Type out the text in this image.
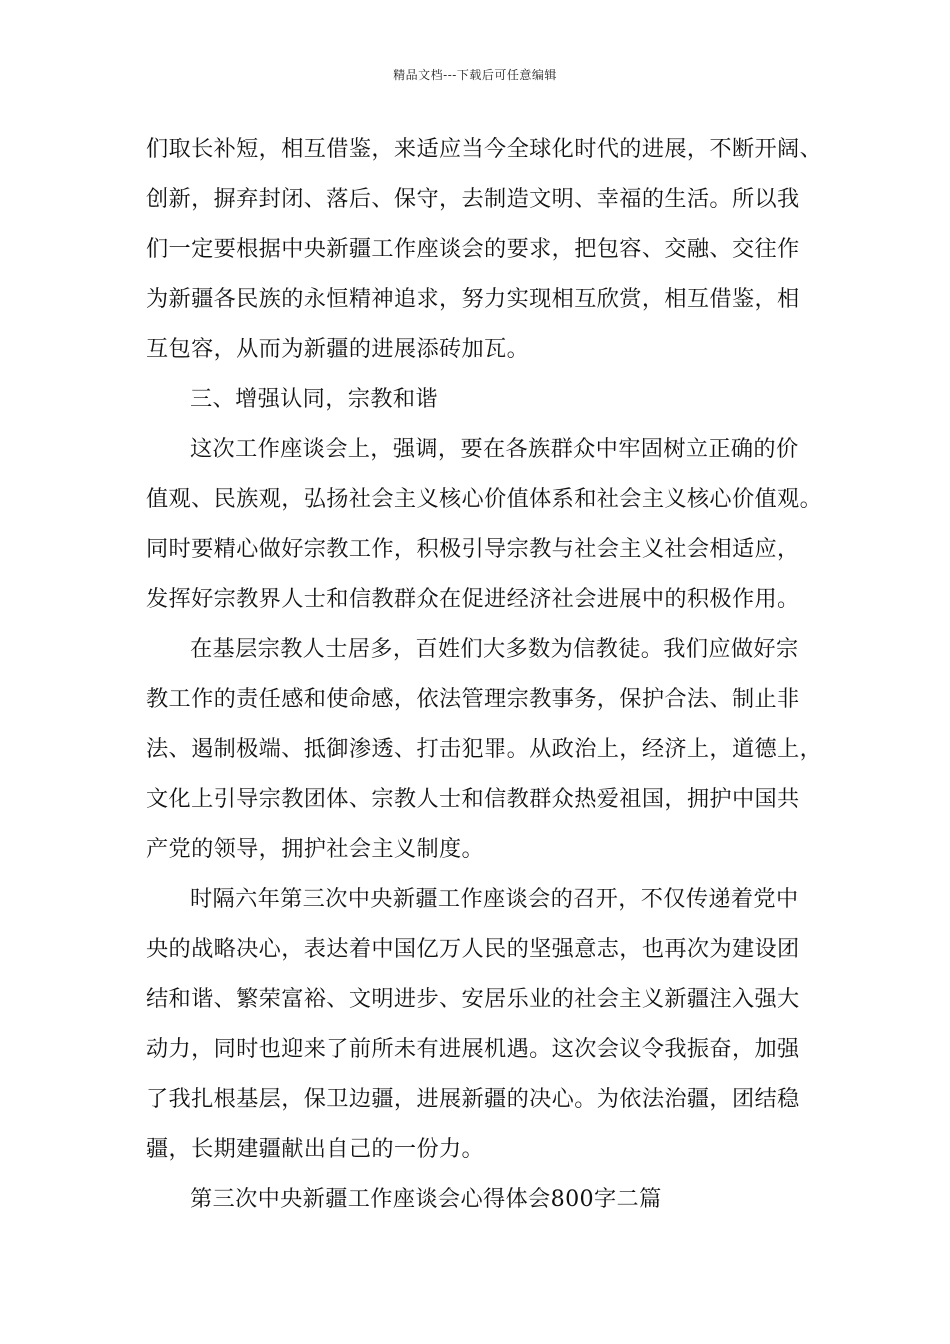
精品文档---下载后可任意编辑
们取长补短，相互借鉴，来适应当今全球化时代的进展，不断开阔、
创新，摒弃封闭、落后、保守，去制造文明、幸福的生活。所以我
们一定要根据中央新疆工作座谈会的要求，把包容、交融、交往作
为新疆各民族的永恒精神追求，努力实现相互欣赏，相互借鉴，相
互包容，从而为新疆的进展添砖加瓦。
三、增强认同，宗教和谐
这次工作座谈会上，强调，要在各族群众中牢固树立正确的价
值观、民族观，弘扬社会主义核心价值体系和社会主义核心价值观。
同时要精心做好宗教工作，积极引导宗教与社会主义社会相适应，
发挥好宗教界人士和信教群众在促进经济社会进展中的积极作用。
在基层宗教人士居多，百姓们大多数为信教徒。我们应做好宗
教工作的责任感和使命感，依法管理宗教事务，保护合法、制止非
法、遏制极端、抵御渗透、打击犯罪。从政治上，经济上，道德上，
文化上引导宗教团体、宗教人士和信教群众热爱祖国，拥护中国共
产党的领导，拥护社会主义制度。
时隔六年第三次中央新疆工作座谈会的召开，不仅传递着党中
央的战略决心，表达着中国亿万人民的坚强意志，也再次为建设团
结和谐、繁荣富裕、文明进步、安居乐业的社会主义新疆注入强大
动力，同时也迎来了前所未有进展机遇。这次会议令我振奋，加强
了我扎根基层，保卫边疆，进展新疆的决心。为依法治疆，团结稳
疆，长期建疆献出自己的一份力。
第三次中央新疆工作座谈会心得体会800字二篇
